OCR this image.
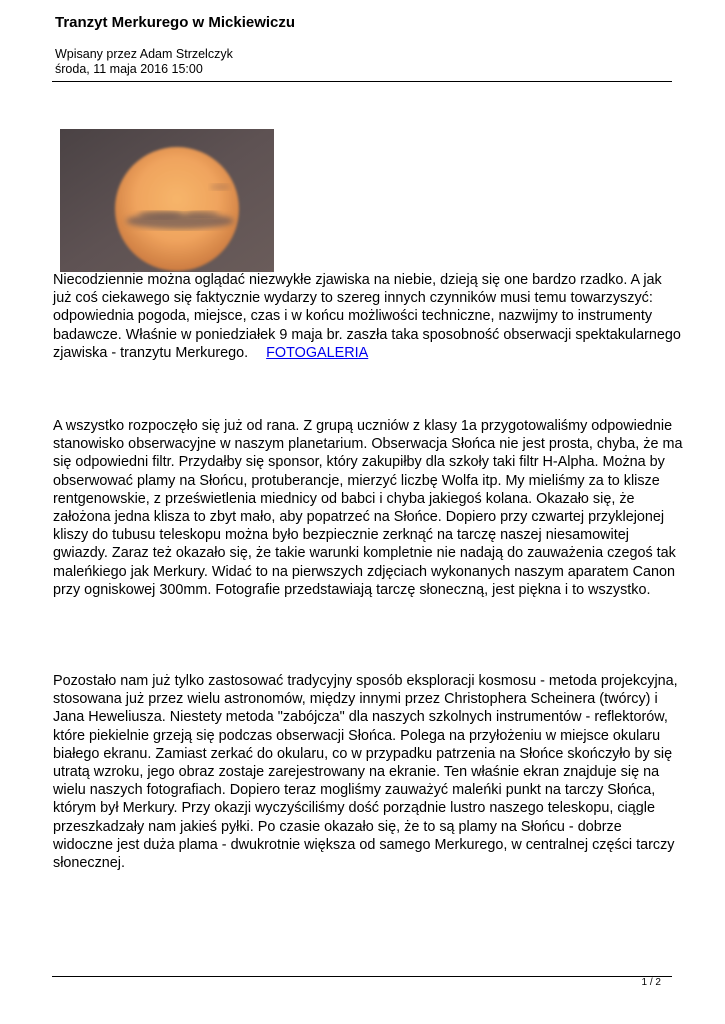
Tranzyt Merkurego w Mickiewiczu
Wpisany przez Adam Strzelczyk
środa, 11 maja 2016 15:00

Niecodziennie można oglądać niezwykłe zjawiska na niebie, dzieją się one bardzo rzadko. A jak już coś ciekawego się faktycznie wydarzy to szereg innych czynników musi temu towarzyszyć: odpowiednia pogoda, miejsce, czas i w końcu możliwości techniczne, nazwijmy to instrumenty badawcze. Właśnie w poniedziałek 9 maja br. zaszła taka sposobność obserwacji spektakularnego zjawiska - tranzytu Merkurego. FOTOGALERIA

A wszystko rozpoczęło się już od rana. Z grupą uczniów z klasy 1a przygotowaliśmy odpowiednie stanowisko obserwacyjne w naszym planetarium. Obserwacja Słońca nie jest prosta, chyba, że ma się odpowiedni filtr. Przydałby się sponsor, który zakupiłby dla szkoły taki filtr H-Alpha. Można by obserwować plamy na Słońcu, protuberancje, mierzyć liczbę Wolfa itp. My mieliśmy za to klisze rentgenowskie, z prześwietlenia miednicy od babci i chyba jakiegoś kolana. Okazało się, że założona jedna klisza to zbyt mało, aby popatrzeć na Słońce. Dopiero przy czwartej przyklejonej kliszy do tubusu teleskopu można było bezpiecznie zerknąć na tarczę naszej niesamowitej gwiazdy. Zaraz też okazało się, że takie warunki kompletnie nie nadają do zauważenia czegoś tak maleńkiego jak Merkury. Widać to na pierwszych zdjęciach wykonanych naszym aparatem Canon przy ogniskowej 300mm. Fotografie przedstawiają tarczę słoneczną, jest piękna i to wszystko.

Pozostało nam już tylko zastosować tradycyjny sposób eksploracji kosmosu - metoda projekcyjna, stosowana już przez wielu astronomów, między innymi przez Christophera Scheinera (twórcy) i Jana Heweliusza. Niestety metoda "zabójcza" dla naszych szkolnych instrumentów - reflektorów, które piekielnie grzeją się podczas obserwacji Słońca. Polega na przyłożeniu w miejsce okularu białego ekranu. Zamiast zerkać do okularu, co w przypadku patrzenia na Słońce skończyło by się utratą wzroku, jego obraz zostaje zarejestrowany na ekranie. Ten właśnie ekran znajduje się na wielu naszych fotografiach. Dopiero teraz mogliśmy zauważyć maleńki punkt na tarczy Słońca, którym był Merkury. Przy okazji wyczyściliśmy dość porządnie lustro naszego teleskopu, ciągle przeszkadzały nam jakieś pyłki. Po czasie okazało się, że to są plamy na Słońcu - dobrze widoczne jest duża plama - dwukrotnie większa od samego Merkurego, w centralnej części tarczy słonecznej.

1 / 2
